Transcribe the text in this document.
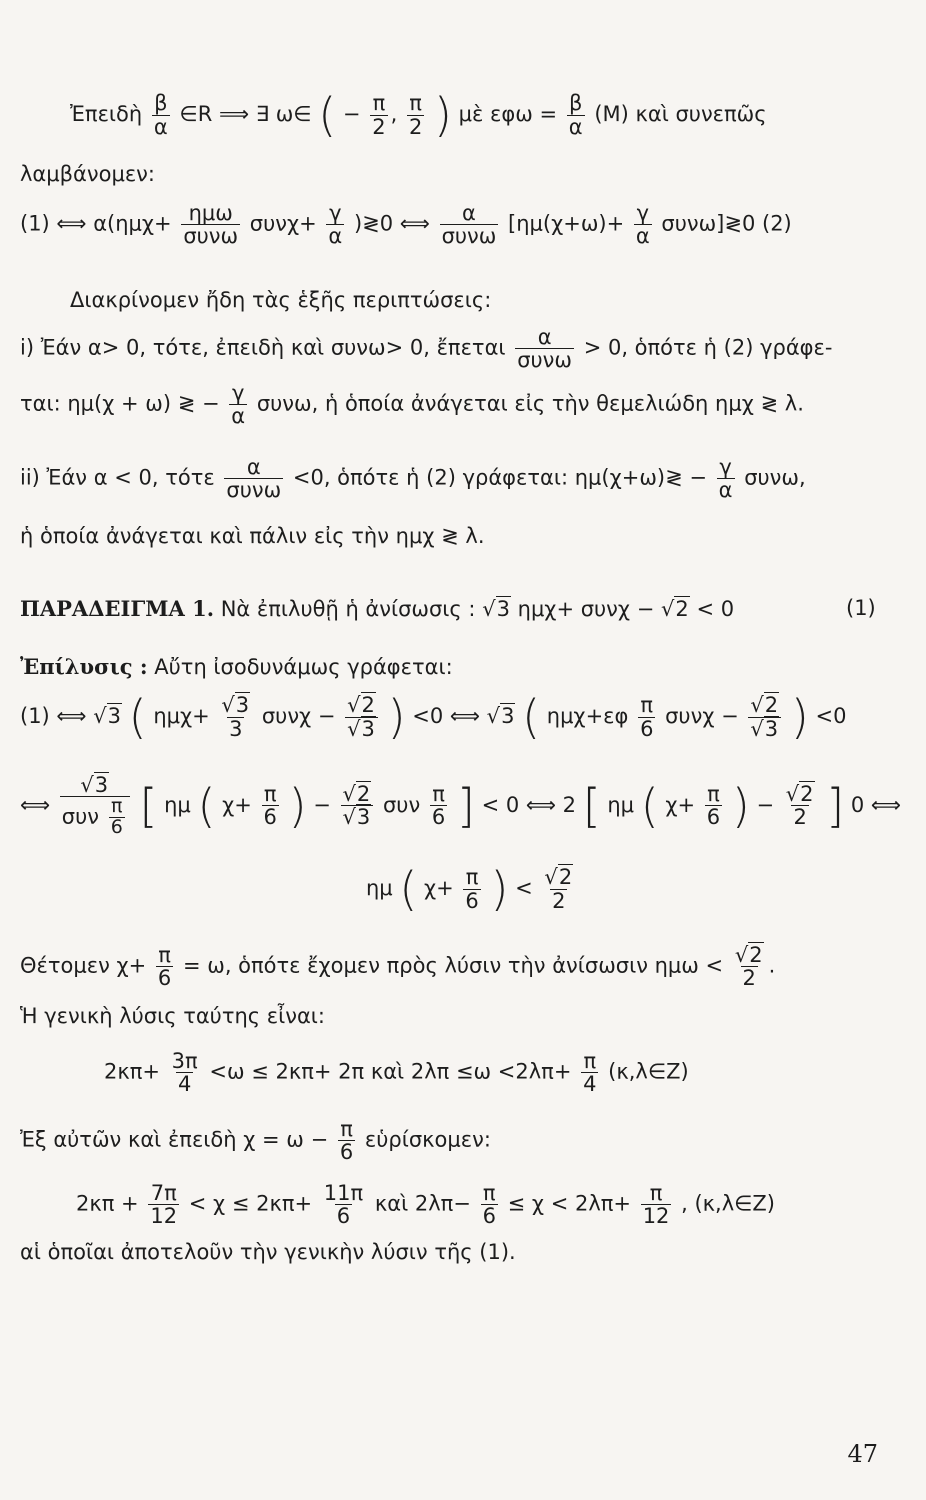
Ἐπειδὴ $\frac{\beta}{\alpha}$ ∈R ⟹ ∃ ω∈ ( − $\frac{\pi}{2}$ , $\frac{\pi}{2}$ ) μὲ $\varepsilon\varphi\omega = \frac{\beta}{\alpha} (M)$ καὶ συνεπῶς
λαμβάνομεν:
(1) ⟺ $\alpha(\eta\mu\chi+ \frac{\text{ημω}}{\text{συνω}} \sigma\upsilon\nu\chi+ \frac{\gamma}{\alpha}$ )≷0 ⟺ $\frac{\alpha}{\text{συνω}} [\eta\mu(\chi+\omega)+ \frac{\gamma}{\alpha}$ συνω]≷0 (2)
Διακρίνομεν ἤδη τὰς ἑξῆς περιπτώσεις:
i) Ἐάν α> 0, τότε, ἐπειδὴ καὶ συνω> 0, ἔπεται $\frac{\alpha}{\text{συνω}} > 0$, ὁπότε ἡ (2) γράφε-
ται: ημ(χ + ω) ≷ − $\frac{\gamma}{\alpha} \sigma\upsilon\nu\omega$, ἡ ὁποία ἀνάγεται εἰς τὴν θεμελιώδη ημχ ≷ λ.
ii) Ἐάν α < 0, τότε $\frac{\alpha}{\text{συνω}} <0$, ὁπότε ἡ (2) γράφεται: ημ(χ+ω)≷ − $\frac{\gamma}{\alpha} \sigma\upsilon\nu\omega$,
ἡ ὁποία ἀνάγεται καὶ πάλιν εἰς τὴν ημχ ≷ λ.
ΠΑΡΑΔΕΙΓΜΑ 1. Νὰ ἐπιλυθῇ ἡ ἀνίσωσις : √3 ημχ+ συνχ − √2 < 0	(1)
Ἐπίλυσις : Αὔτη ἰσοδυνάμως γράφεται:
(1) ⟺ √3 ( $\eta\mu\chi+ \frac{√3}{3}$ $\sigma\upsilon\nu\chi - \frac{√2}{√3}$ ) <0 ⟺ √3 ( $\eta\mu\chi+\varepsilon\varphi \frac{\pi}{6}$ $\sigma\upsilon\nu\chi - \frac{√2}{√3}$ ) <0
⟺ $\frac{√3}{\sigma\upsilon\nu \frac{\pi}{6}}$ [ ημ ( $\chi+ \frac{\pi}{6}$ ) − $\frac{√2}{√3}$ συν $\frac{\pi}{6}$ ] < 0 ⟺ 2 [ ημ ( $\chi+ \frac{\pi}{6}$ ) − $\frac{√2}{2}$ ] 0 ⟺
ημ ( $\chi+ \frac{\pi}{6}$ ) < $\frac{√2}{2}$
Θέτομεν $\chi+ \frac{\pi}{6} = \omega$, ὁπότε ἔχομεν πρὸς λύσιν τὴν ἀνίσωσιν $\eta\mu\omega < \frac{√2}{2}$ .
Ἡ γενικὴ λύσις ταύτης εἶναι:
$2\kappa\pi+ \frac{3\pi}{4} <\omega \le 2\kappa\pi+ 2\pi$ καὶ $2\lambda\pi \le\omega <2\lambda\pi+ \frac{\pi}{4}$ (κ,λ∈Ζ)
Ἐξ αὐτῶν καὶ ἐπειδὴ $\chi = \omega - \frac{\pi}{6}$ εὑρίσκομεν:
$2\kappa\pi + \frac{7\pi}{12} < \chi \le 2\kappa\pi+ \frac{11\pi}{6}$ καὶ $2\lambda\pi- \frac{\pi}{6} \le \chi < 2\lambda\pi+ \frac{\pi}{12}$ , (κ,λ∈Ζ)
αἱ ὁποῖαι ἀποτελοῦν τὴν γενικὴν λύσιν τῆς (1).
47
